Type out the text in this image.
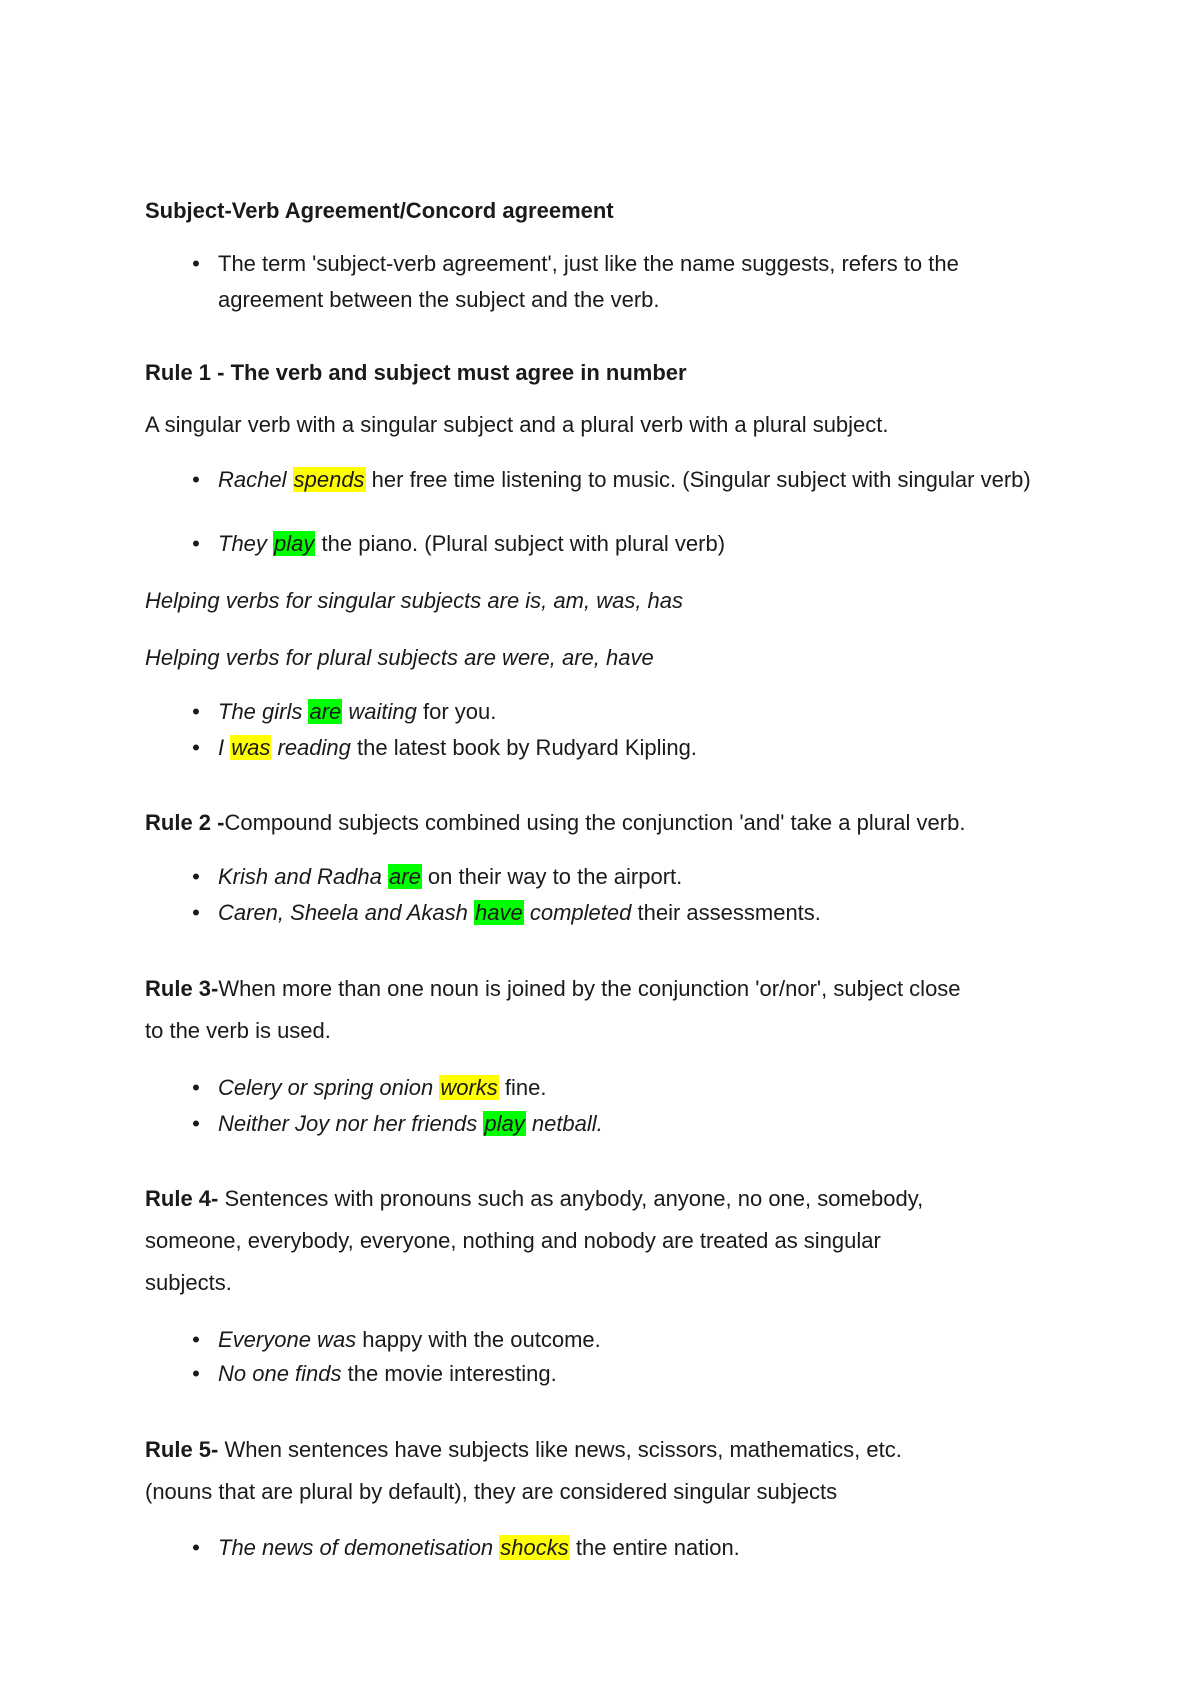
Subject-Verb Agreement/Concord agreement

• The term 'subject-verb agreement', just like the name suggests, refers to the agreement between the subject and the verb.

Rule 1 - The verb and subject must agree in number

A singular verb with a singular subject and a plural verb with a plural subject.

• Rachel spends her free time listening to music. (Singular subject with singular verb)

• They play the piano. (Plural subject with plural verb)

Helping verbs for singular subjects are is, am, was, has

Helping verbs for plural subjects are were, are, have

• The girls are waiting for you.

• I was reading the latest book by Rudyard Kipling.

Rule 2 -Compound subjects combined using the conjunction 'and' take a plural verb.

• Krish and Radha are on their way to the airport.

• Caren, Sheela and Akash have completed their assessments.

Rule 3-When more than one noun is joined by the conjunction 'or/nor', subject close

to the verb is used.

• Celery or spring onion works fine.

• Neither Joy nor her friends play netball.

Rule 4- Sentences with pronouns such as anybody, anyone, no one, somebody,

someone, everybody, everyone, nothing and nobody are treated as singular

subjects.

• Everyone was happy with the outcome.

• No one finds the movie interesting.

Rule 5- When sentences have subjects like news, scissors, mathematics, etc.

(nouns that are plural by default), they are considered singular subjects

• The news of demonetisation shocks the entire nation.
